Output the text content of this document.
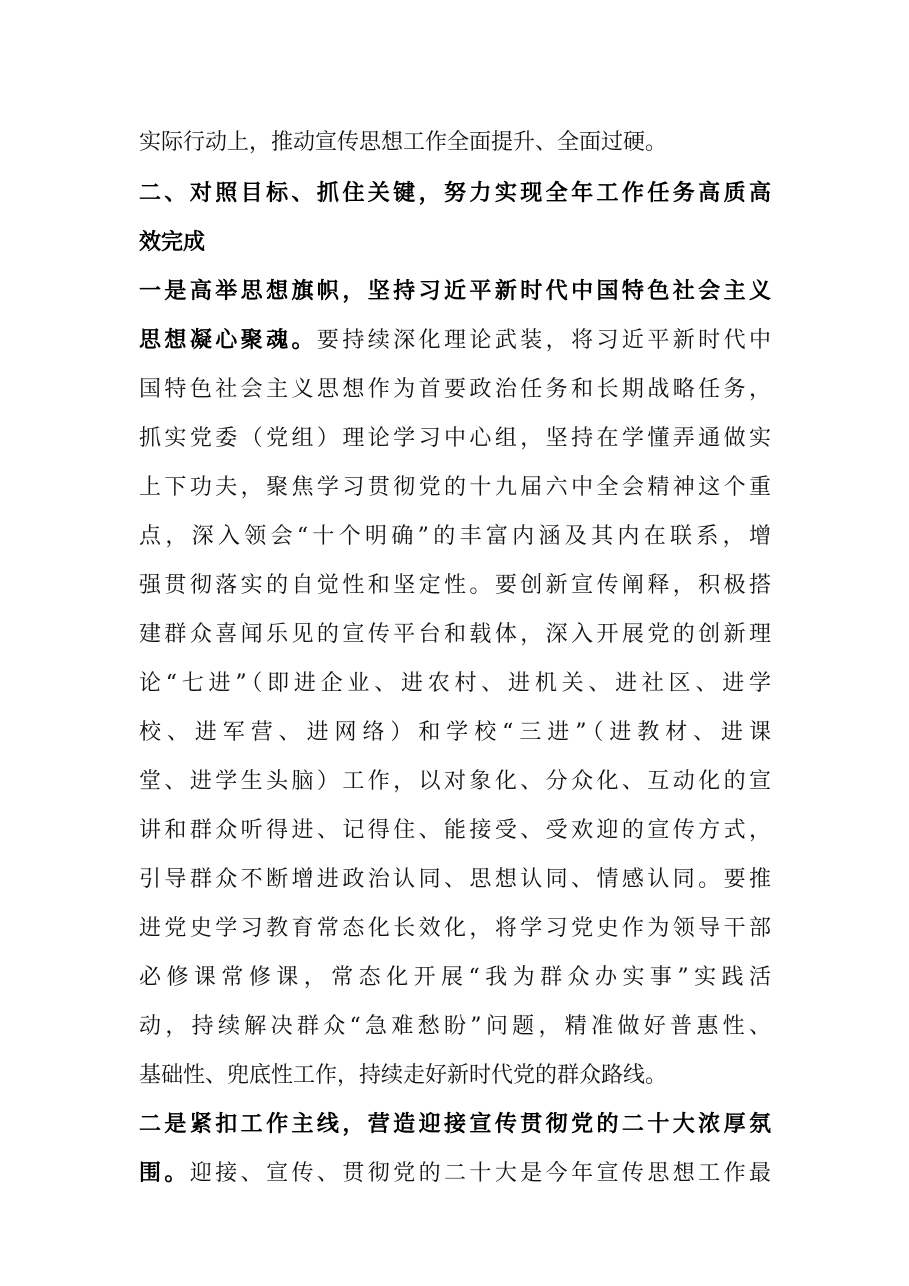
实际行动上，推动宣传思想工作全面提升、全面过硬。
二、对照目标、抓住关键，努力实现全年工作任务高质高
效完成
一是高举思想旗帜，坚持习近平新时代中国特色社会主义
思想凝心聚魂。要持续深化理论武装，将习近平新时代中
国特色社会主义思想作为首要政治任务和长期战略任务，
抓实党委（党组）理论学习中心组，坚持在学懂弄通做实
上下功夫，聚焦学习贯彻党的十九届六中全会精神这个重
点，深入领会“十个明确”的丰富内涵及其内在联系，增
强贯彻落实的自觉性和坚定性。要创新宣传阐释，积极搭
建群众喜闻乐见的宣传平台和载体，深入开展党的创新理
论“七进”（即进企业、进农村、进机关、进社区、进学
校、进军营、进网络）和学校“三进”（进教材、进课
堂、进学生头脑）工作，以对象化、分众化、互动化的宣
讲和群众听得进、记得住、能接受、受欢迎的宣传方式，
引导群众不断增进政治认同、思想认同、情感认同。要推
进党史学习教育常态化长效化，将学习党史作为领导干部
必修课常修课，常态化开展“我为群众办实事”实践活
动，持续解决群众“急难愁盼”问题，精准做好普惠性、
基础性、兜底性工作，持续走好新时代党的群众路线。
二是紧扣工作主线，营造迎接宣传贯彻党的二十大浓厚氛
围。迎接、宣传、贯彻党的二十大是今年宣传思想工作最
